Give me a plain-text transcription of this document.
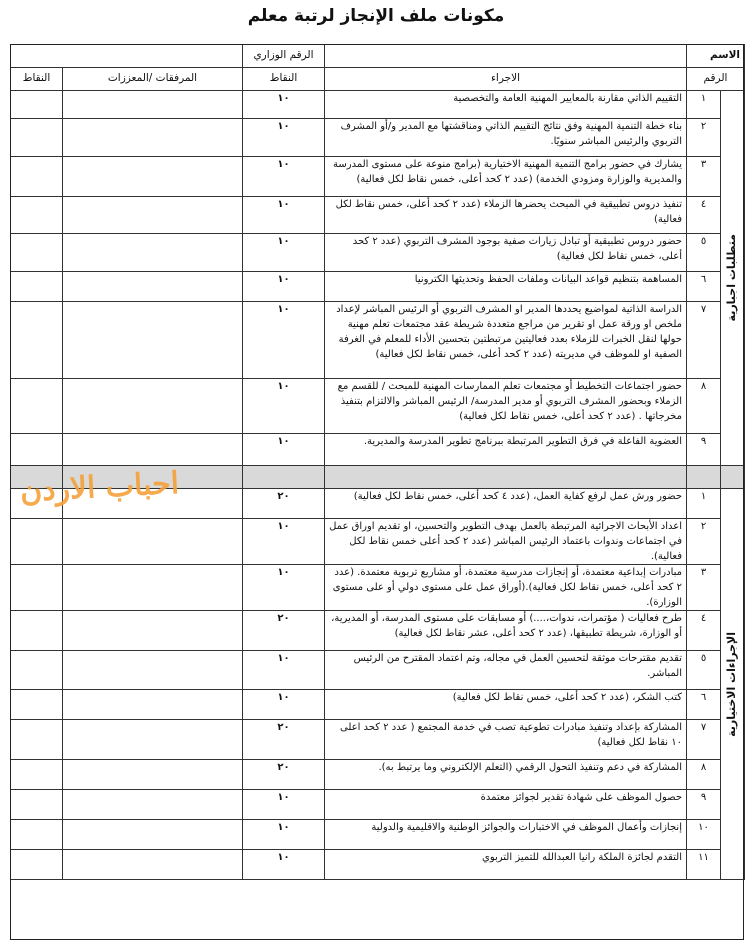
مكونات ملف الإنجاز لرتبة معلم
الاسم			الرقم الوزاري		
الرقم		الاجراء	النقاط	المرفقات /المعززات	النقاط

متطلبات اجبارية	١	التقييم الذاتي مقارنة بالمعايير المهنية العامة والتخصصية	١٠		
	٢	بناء خطة التنمية المهنية وفق نتائج التقييم الذاتي ومناقشتها مع المدير و/أو المشرف التربوي والرئيس المباشر سنويًا.	١٠		
	٣	يشارك في حضور برامج التنمية المهنية الاختيارية (برامج منوعة على مستوى المدرسة والمديرية والوزارة ومزودي الخدمة) (عدد ٢ كحد أعلى، خمس نقاط لكل فعالية)	١٠		
	٤	تنفيذ دروس تطبيقية في المبحث يحضرها الزملاء (عدد ٢ كحد أعلى، خمس نقاط لكل فعالية)	١٠		
	٥	حضور دروس تطبيقية أو تبادل زيارات صفية بوجود المشرف التربوي (عدد ٢ كحد أعلى، خمس نقاط لكل فعالية)	١٠		
	٦	المساهمة بتنظيم قواعد البيانات وملفات الحفظ وتحديثها الكترونيا	١٠		
	٧	الدراسة الذاتية لمواضيع يحددها المدير او المشرف التربوي أو الرئيس المباشر لإعداد ملخص او ورقة عمل او تقرير من مراجع متعددة شريطة عقد مجتمعات تعلم مهنية حولها لنقل الخبرات للزملاء بعدد فعاليتين مرتبطتين بتحسين الأداء للمعلم في الغرفة الصفية او للموظف في مديريته (عدد ٢ كحد أعلى، خمس نقاط لكل فعالية)	١٠		
	٨	حضور اجتماعات التخطيط أو مجتمعات تعلم الممارسات المهنية للمبحث / للقسم مع الزملاء وبحضور المشرف التربوي أو مدير المدرسة/ الرئيس المباشر والالتزام بتنفيذ مخرجاتها . (عدد ٢ كحد أعلى، خمس نقاط لكل فعالية)	١٠		
	٩	العضوية الفاعلة في فرق التطوير المرتبطة ببرنامج تطوير المدرسة والمديرية.	١٠		

الإجراءات الاختيارية	١	حضور ورش عمل لرفع كفاية العمل، (عدد ٤ كحد أعلى، خمس نقاط لكل فعالية)	٢٠		
	٢	اعداد الأبحاث الاجرائية المرتبطة بالعمل بهدف التطوير والتحسين، او تقديم اوراق عمل في اجتماعات وندوات باعتماد الرئيس المباشر (عدد ٢ كحد أعلى خمس نقاط لكل فعالية).	١٠		
	٣	مبادرات إبداعية معتمدة، أو إنجازات مدرسية معتمدة، أو مشاريع تربوية معتمدة. (عدد ٢ كحد أعلى، خمس نقاط لكل فعالية).(أوراق عمل على مستوى دولي أو على مستوى الوزارة).	١٠		
	٤	طرح فعاليات ( مؤتمرات، ندوات،....) أو مسابقات على مستوى المدرسة، أو المديرية، أو الوزارة، شريطة تطبيقها، (عدد ٢ كحد أعلى، عشر نقاط لكل فعالية)	٢٠		
	٥	تقديم مقترحات موثقة لتحسين العمل في مجاله، وتم اعتماد المقترح من الرئيس المباشر.	١٠		
	٦	كتب الشكر، (عدد ٢ كحد أعلى، خمس نقاط لكل فعالية)	١٠		
	٧	المشاركة بإعداد وتنفيذ مبادرات تطوعية تصب في خدمة المجتمع ( عدد ٢ كحد اعلى ١٠ نقاط لكل فعالية)	٢٠		
	٨	المشاركة في دعم وتنفيذ التحول الرقمي (التعلم الإلكتروني وما يرتبط به).	٢٠		
	٩	حصول الموظف على شهادة تقدير لجوائز معتمدة	١٠		
	١٠	إنجازات وأعمال الموظف في الاختبارات والجوائز الوطنية والاقليمية والدولية	١٠		
	١١	التقدم لجائزة الملكة رانيا العبدالله للتميز التربوي	١٠		
احباب الاردن
